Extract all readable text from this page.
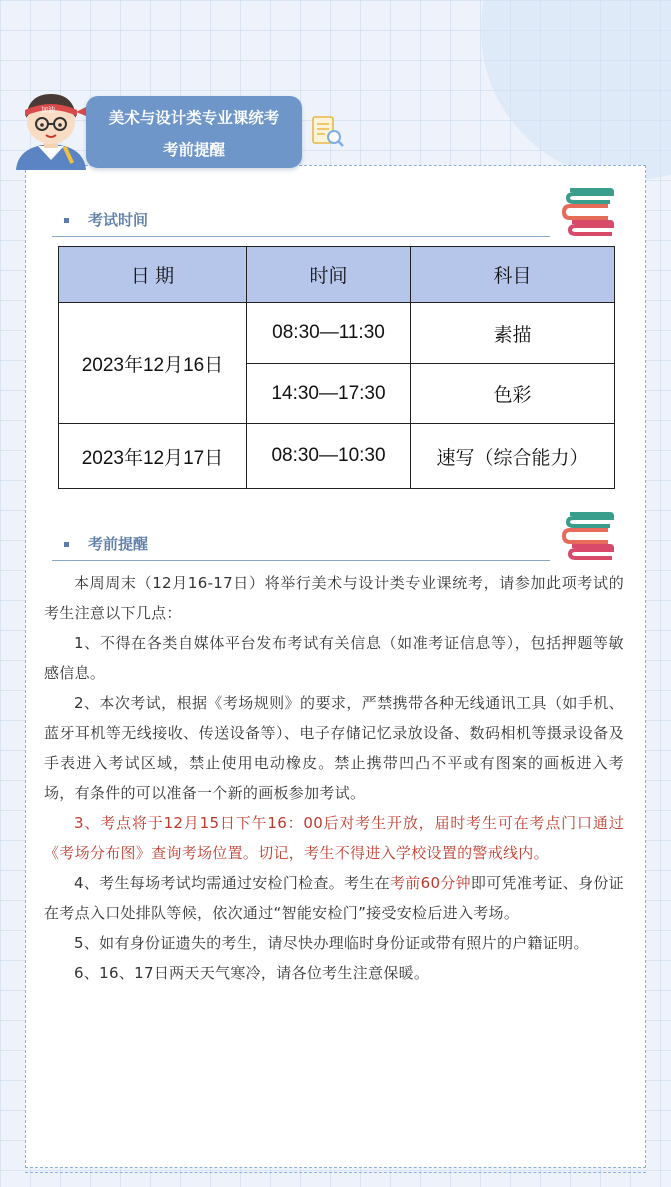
加油	美术与设计类专业课统考
考前提醒
考试时间
日 期	时间	科目
2023年12月16日	08:30—11:30	素描
	14:30—17:30	色彩
2023年12月17日	08:30—10:30	速写（综合能力）
考前提醒

本周周末（12月16-17日）将举行美术与设计类专业课统考，请参加此项考试的考生注意以下几点：

1、不得在各类自媒体平台发布考试有关信息（如准考证信息等），包括押题等敏感信息。

2、本次考试，根据《考场规则》的要求，严禁携带各种无线通讯工具（如手机、蓝牙耳机等无线接收、传送设备等）、电子存储记忆录放设备、数码相机等摄录设备及手表进入考试区域，禁止使用电动橡皮。禁止携带凹凸不平或有图案的画板进入考场，有条件的可以准备一个新的画板参加考试。

3、考点将于12月15日下午16：00后对考生开放，届时考生可在考点门口通过《考场分布图》查询考场位置。切记，考生不得进入学校设置的警戒线内。

4、考生每场考试均需通过安检门检查。考生在考前60分钟即可凭准考证、身份证在考点入口处排队等候，依次通过“智能安检门”接受安检后进入考场。

5、如有身份证遗失的考生，请尽快办理临时身份证或带有照片的户籍证明。

6、16、17日两天天气寒冷，请各位考生注意保暖。
